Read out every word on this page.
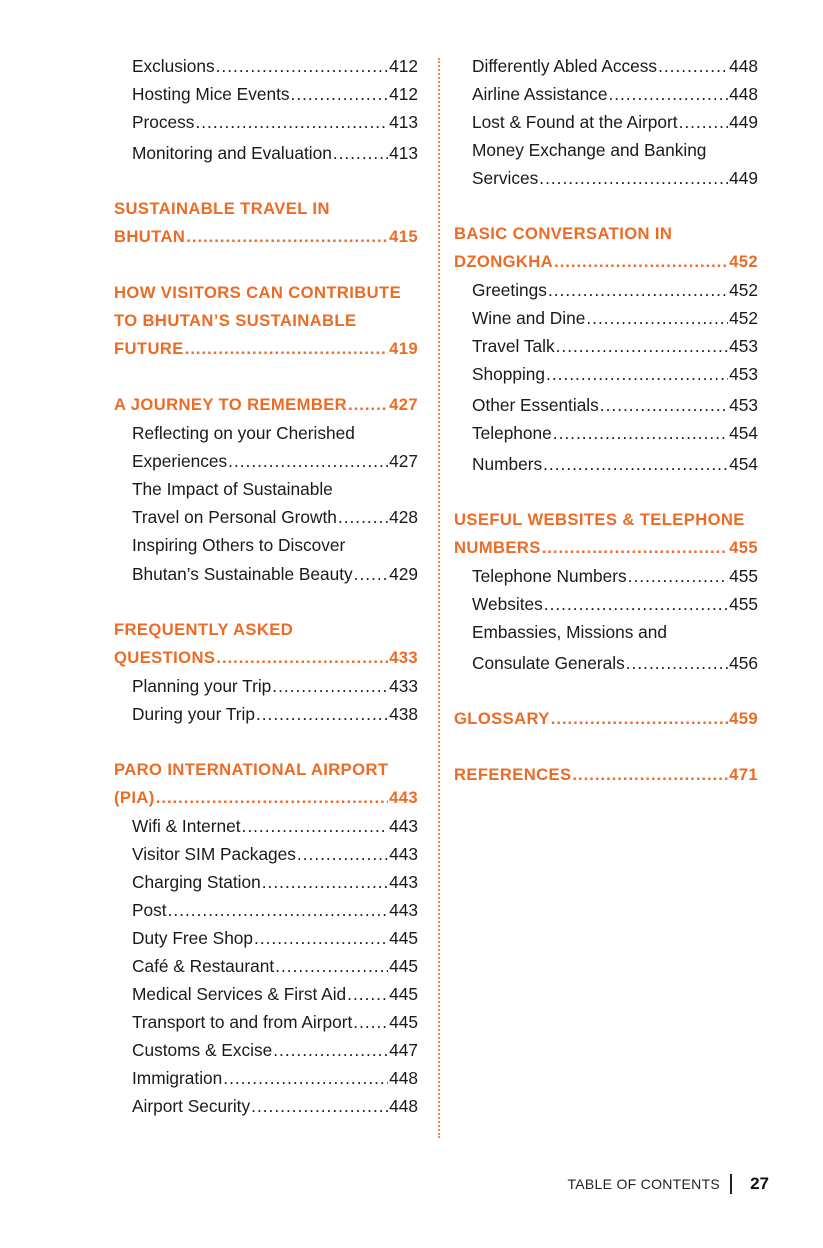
Exclusions .....	412
Hosting Mice Events .....	412
Process .....	413
Monitoring and Evaluation .....	413
SUSTAINABLE TRAVEL IN
BHUTAN .....	415
HOW VISITORS CAN CONTRIBUTE
TO BHUTAN’S SUSTAINABLE
FUTURE .....	419
A JOURNEY TO REMEMBER .....	427
Reflecting on your Cherished
Experiences .....	427
The Impact of Sustainable
Travel on Personal Growth .....	428
Inspiring Others to Discover
Bhutan’s Sustainable Beauty ..... 429
FREQUENTLY ASKED
QUESTIONS .....	433
Planning your Trip .....	433
During your Trip .....	438
PARO INTERNATIONAL AIRPORT
(PIA) .....	443
Wifi & Internet .....	443
Visitor SIM Packages .....	443
Charging Station .....	443
Post .....	443
Duty Free Shop .....	445
Café & Restaurant .....	445
Medical Services & First Aid ..... 445
Transport to and from Airport ..... 445
Customs & Excise .....	447
Immigration .....	448
Airport Security .....	448
Differently Abled Access .....	448
Airline Assistance .....	448
Lost & Found at the Airport .....	449
Money Exchange and Banking
Services .....	449
BASIC CONVERSATION IN
DZONGKHA .....	452
Greetings .....	452
Wine and Dine .....	452
Travel Talk .....	453
Shopping .....	453
Other Essentials .....	453
Telephone .....	454
Numbers .....	454
USEFUL WEBSITES & TELEPHONE
NUMBERS .....	455
Telephone Numbers .....	455
Websites .....	455
Embassies, Missions and
Consulate Generals .....	456
GLOSSARY .....	459
REFERENCES .....	471
TABLE OF CONTENTS 27
